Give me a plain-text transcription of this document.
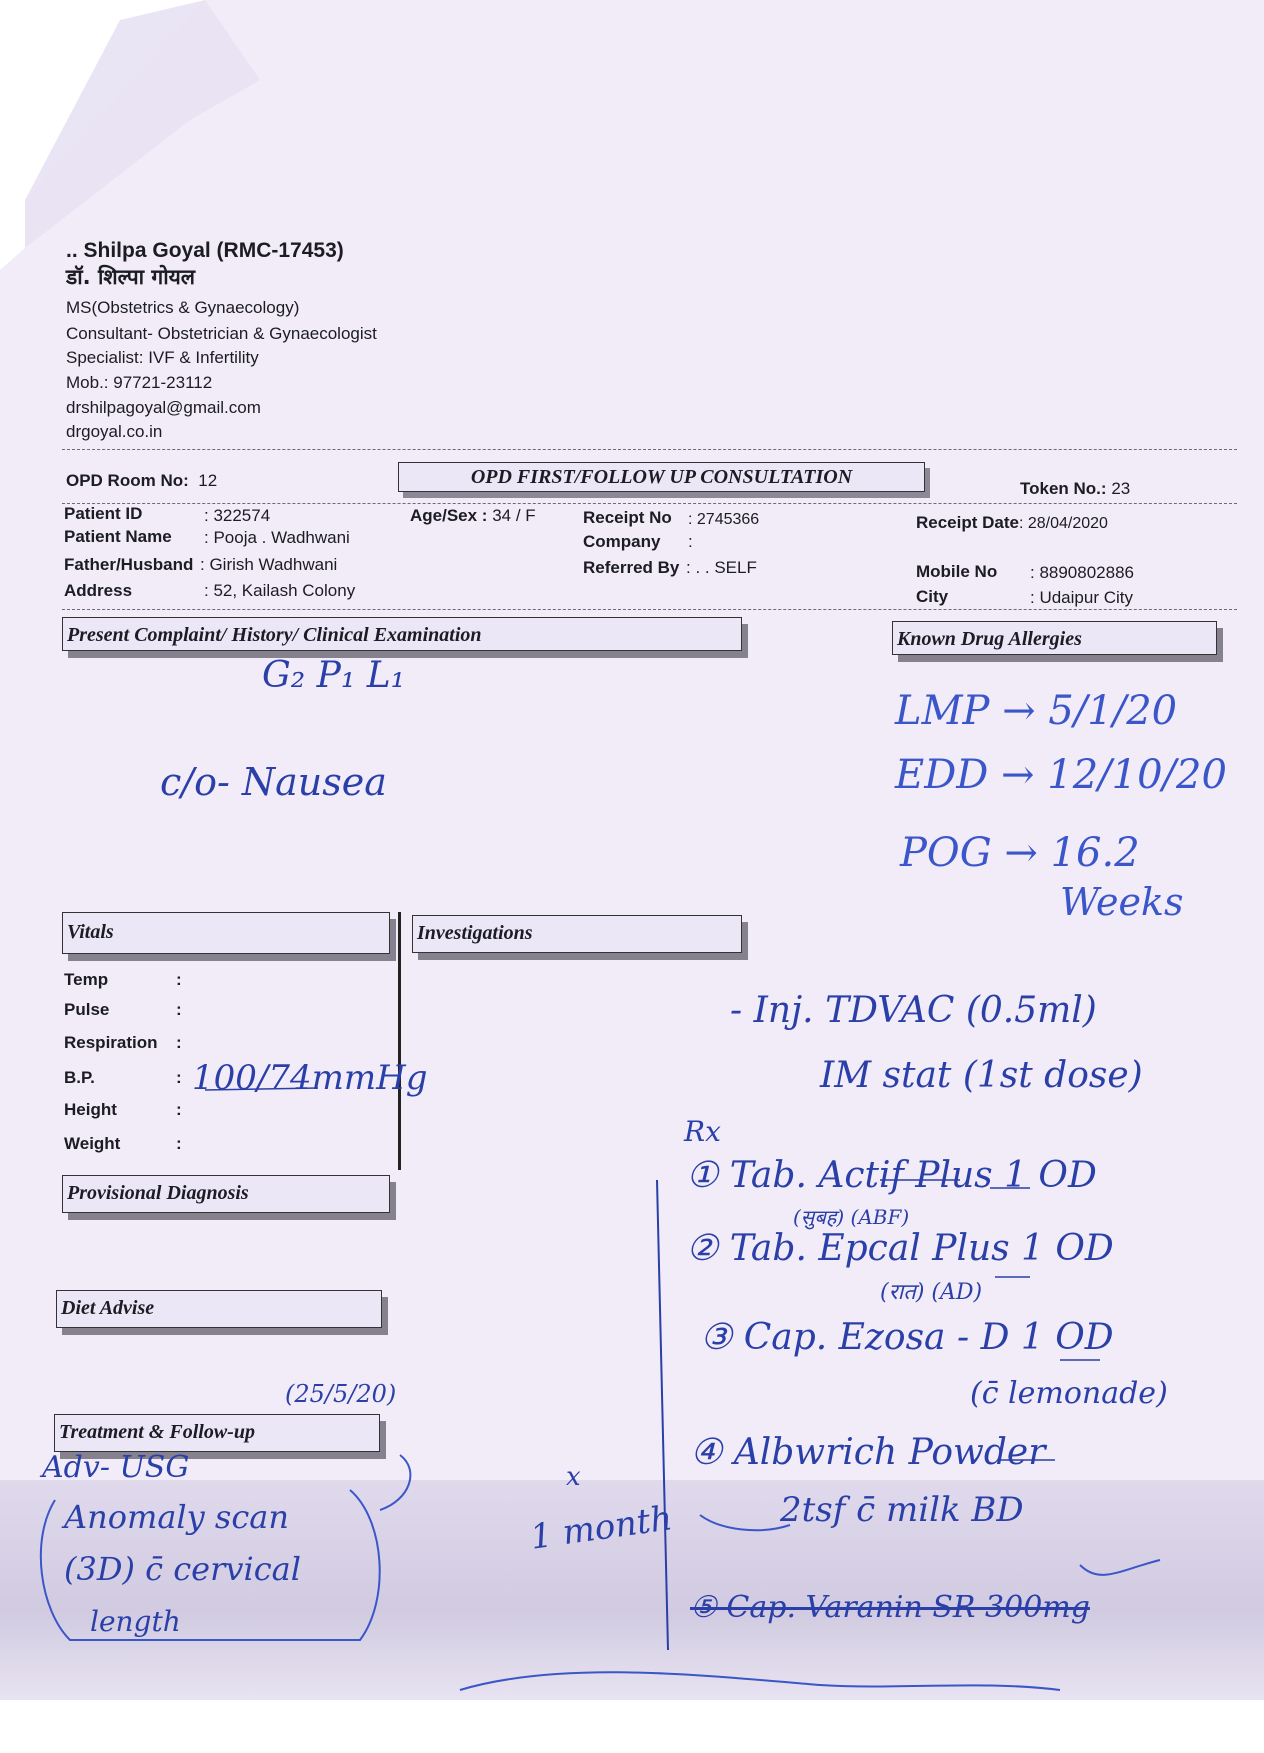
.. Shilpa Goyal (RMC-17453)
डॉ. शिल्पा गोयल
MS(Obstetrics & Gynaecology)
Consultant- Obstetrician & Gynaecologist
Specialist: IVF & Infertility
Mob.: 97721-23112
drshilpagoyal@gmail.com
drgoyal.co.in
OPD Room No: 12	OPD FIRST/FOLLOW UP CONSULTATION
Token No.: 23
Patient ID	: 322574
Patient Name : Pooja . Wadhwani
Father/Husband : Girish Wadhwani
Address	: 52, Kailash Colony
Age/Sex : 34 / F	Receipt No : 2745366
Company :
Referred By : . . SELF
Receipt Date: 28/04/2020
Mobile No : 8890802886
City	: Udaipur City
Present Complaint/ History/ Clinical Examination	Known Drug Allergies
Vitals	Investigations
Provisional Diagnosis
Diet Advise
Treatment & Follow-up
Temp	:
Pulse	:
Respiration :
B.P.	: 100/74mmHg
Height	:
Weight	:
G₂ P₁ L₁
c/o- Nausea
LMP → 5/1/20
EDD → 12/10/20
POG → 16.2
Weeks
- Inj. TDVAC (0.5ml)
IM stat (1st dose)
Rx
① Tab. Actif Plus 1 OD
(सुबह) (ABF)
② Tab. Epcal Plus 1 OD
(रात) (AD)
③ Cap. Ezosa - D 1 OD
(c̄ lemonade)
④ Albwrich Powder
2tsf c̄ milk BD
⑤ Cap. Varanin SR 300mg
(25/5/20)
Adv- USG
Anomaly scan
(3D) c̄ cervical
length
1 month
x
